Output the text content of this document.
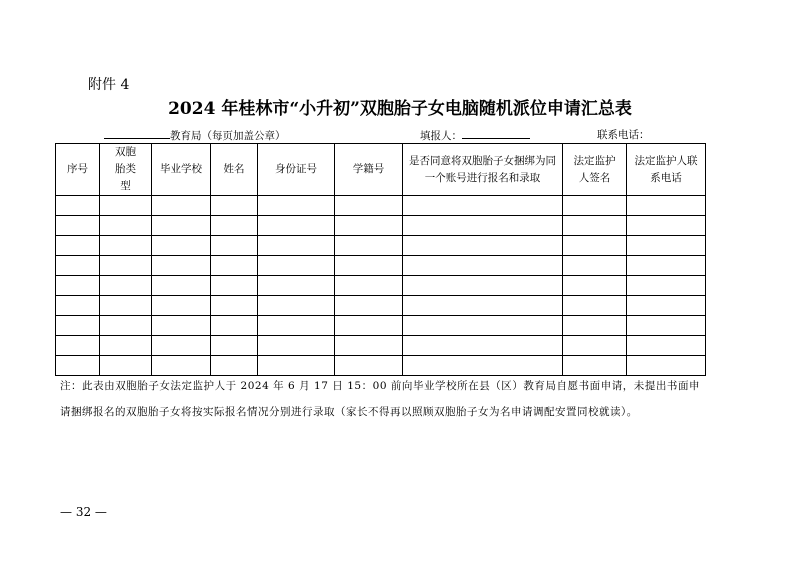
附件 4
2024 年桂林市“小升初”双胞胎子女电脑随机派位申请汇总表
教育局（每页加盖公章）	填报人：	联系电话：
序号	双胞胎类型	毕业学校	姓名	身份证号	学籍号	是否同意将双胞胎子女捆绑为同一个账号进行报名和录取	法定监护人签名	法定监护人联系电话

注：此表由双胞胎子女法定监护人于 2024 年 6 月 17 日 15：00 前向毕业学校所在县（区）教育局自愿书面申请，未提出书面申请捆绑报名的双胞胎子女将按实际报名情况分别进行录取（家长不得再以照顾双胞胎子女为名申请调配安置同校就读）。
— 32 —
